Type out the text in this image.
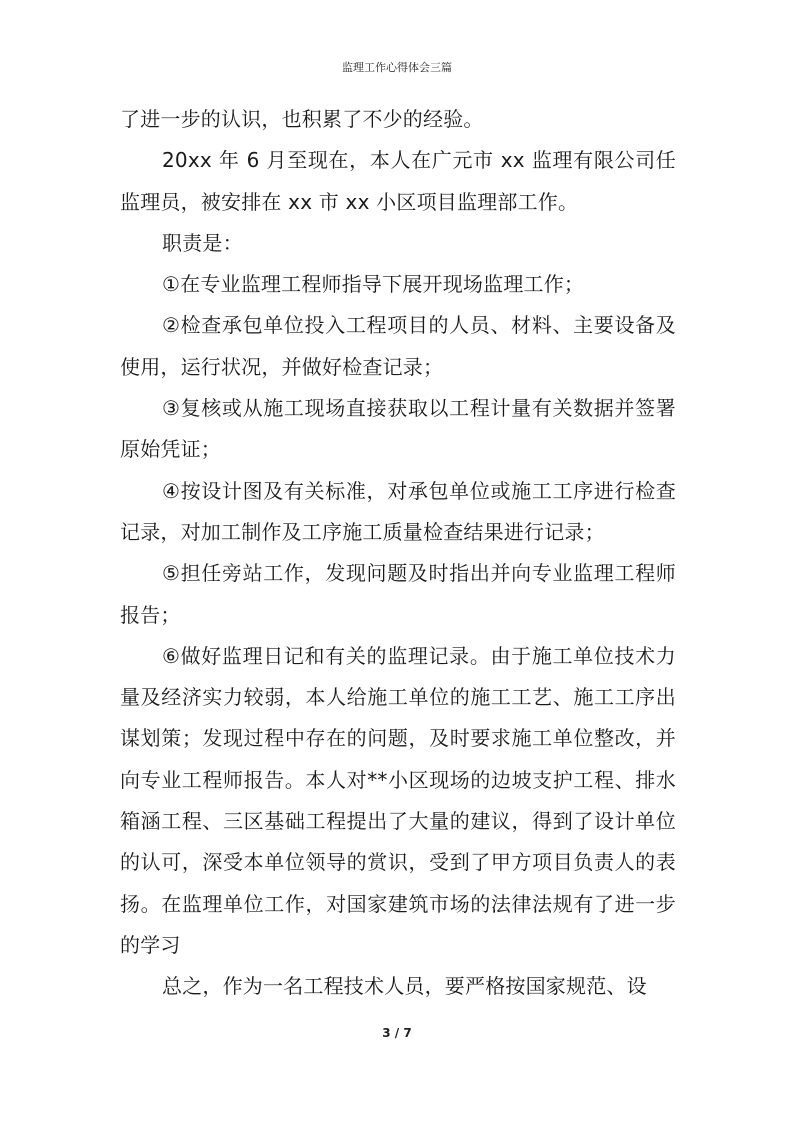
监理工作心得体会三篇

了进一步的认识，也积累了不少的经验。

20xx 年 6 月至现在，本人在广元市 xx 监理有限公司任监理员，被安排在 xx 市 xx 小区项目监理部工作。

职责是：

①在专业监理工程师指导下展开现场监理工作；

②检查承包单位投入工程项目的人员、材料、主要设备及使用，运行状况，并做好检查记录；

③复核或从施工现场直接获取以工程计量有关数据并签署原始凭证；

④按设计图及有关标准，对承包单位或施工工序进行检查记录，对加工制作及工序施工质量检查结果进行记录；

⑤担任旁站工作，发现问题及时指出并向专业监理工程师报告；

⑥做好监理日记和有关的监理记录。由于施工单位技术力量及经济实力较弱，本人给施工单位的施工工艺、施工工序出谋划策；发现过程中存在的问题，及时要求施工单位整改，并向专业工程师报告。本人对**小区现场的边坡支护工程、排水箱涵工程、三区基础工程提出了大量的建议，得到了设计单位的认可，深受本单位领导的赏识，受到了甲方项目负责人的表扬。在监理单位工作，对国家建筑市场的法律法规有了进一步的学习

总之，作为一名工程技术人员，要严格按国家规范、设

3 / 7
